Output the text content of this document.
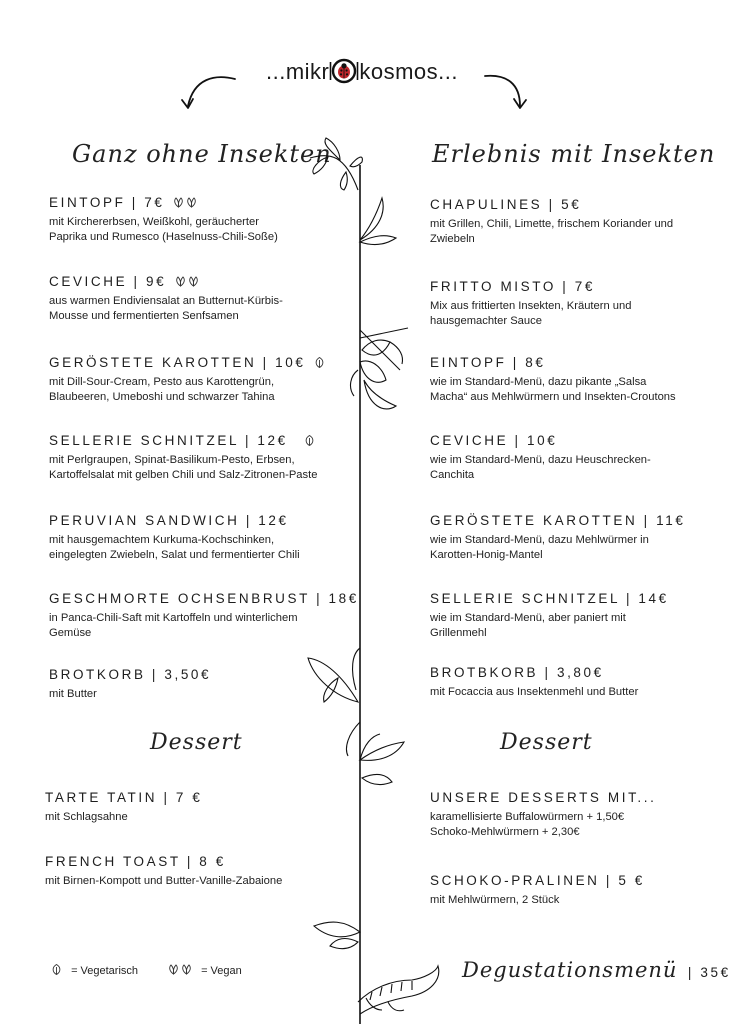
...mikr kosmos...
Ganz ohne Insekten	Erlebnis mit Insekten
EINTOPF | 7€
mit Kirchererbsen, Weißkohl, geräucherter
Paprika und Rumesco (Haselnuss-Chili-Soße)
CEVICHE | 9€
aus warmen Endiviensalat an Butternut-Kürbis-
Mousse und fermentierten Senfsamen
GERÖSTETE KAROTTEN | 10€
mit Dill-Sour-Cream, Pesto aus Karottengrün,
Blaubeeren, Umeboshi und schwarzer Tahina
SELLERIE SCHNITZEL | 12€
mit Perlgraupen, Spinat-Basilikum-Pesto, Erbsen,
Kartoffelsalat mit gelben Chili und Salz-Zitronen-Paste
PERUVIAN SANDWICH | 12€
mit hausgemachtem Kurkuma-Kochschinken,
eingelegten Zwiebeln, Salat und fermentierter Chili
GESCHMORTE OCHSENBRUST | 18€
in Panca-Chili-Saft mit Kartoffeln und winterlichem
Gemüse
BROTKORB | 3,50€
mit Butter
CHAPULINES | 5€
mit Grillen, Chili, Limette, frischem Koriander und
Zwiebeln
FRITTO MISTO | 7€
Mix aus frittierten Insekten, Kräutern und
hausgemachter Sauce
EINTOPF | 8€
wie im Standard-Menü, dazu pikante „Salsa
Macha“ aus Mehlwürmern und Insekten-Croutons
CEVICHE | 10€
wie im Standard-Menü, dazu Heuschrecken-
Canchita
GERÖSTETE KAROTTEN | 11€
wie im Standard-Menü, dazu Mehlwürmer in
Karotten-Honig-Mantel
SELLERIE SCHNITZEL | 14€
wie im Standard-Menü, aber paniert mit
Grillenmehl
BROTBKORB | 3,80€
mit Focaccia aus Insektenmehl und Butter
Dessert	Dessert
TARTE TATIN | 7 €
mit Schlagsahne
FRENCH TOAST | 8 €
mit Birnen-Kompott und Butter-Vanille-Zabaione
UNSERE DESSERTS MIT...
karamellisierte Buffalowürmern + 1,50€
Schoko-Mehlwürmern + 2,30€
SCHOKO-PRALINEN | 5 €
mit Mehlwürmern, 2 Stück
= Vegetarisch	= Vegan	Degustationsmenü | 35€
